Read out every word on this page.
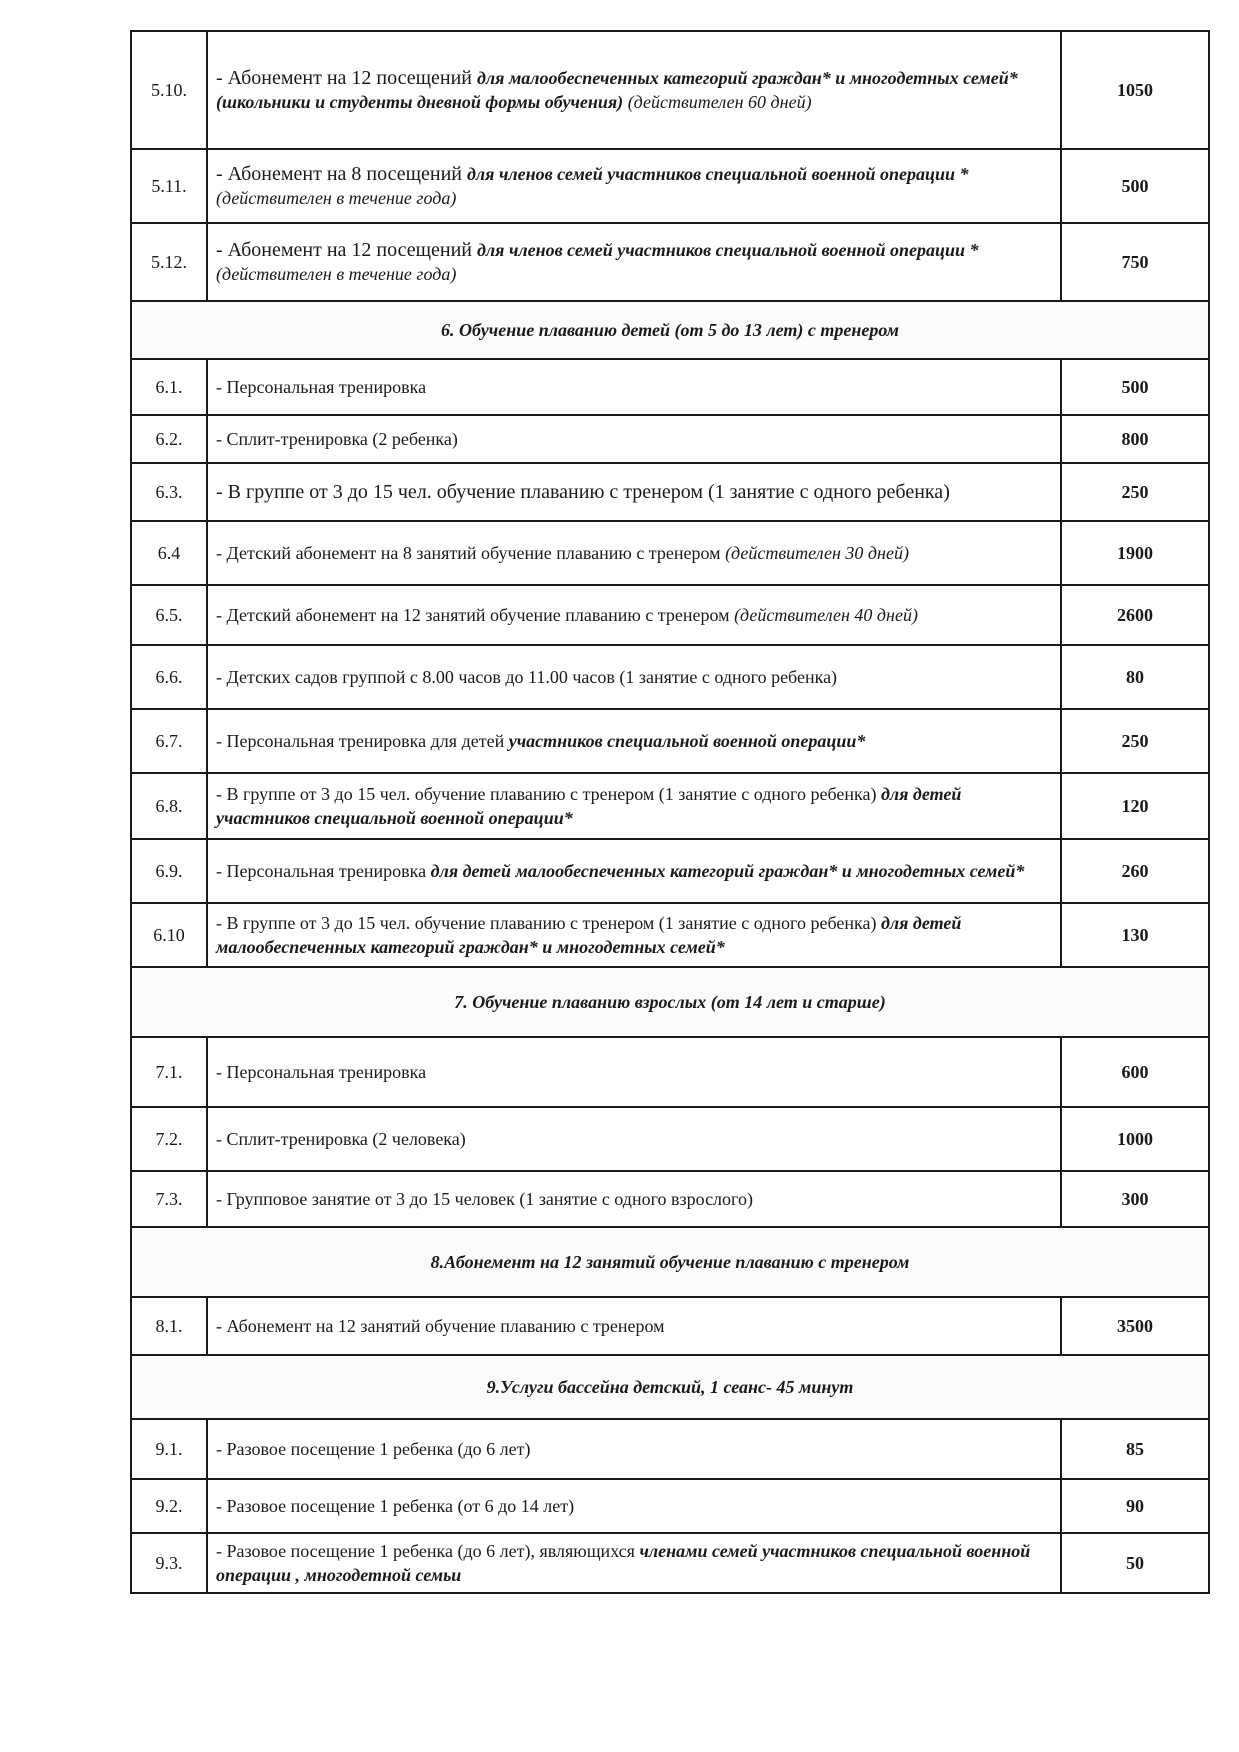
5.10.	- Абонемент на 12 посещений для малообеспеченных категорий граждан* и многодетных семей* (школьники и студенты дневной формы обучения) (действителен 60 дней)	1050
5.11.	- Абонемент на 8 посещений для членов семей участников специальной военной операции * (действителен в течение года)	500
5.12.	- Абонемент на 12 посещений для членов семей участников специальной военной операции * (действителен в течение года)	750
6. Обучение плаванию детей (от 5 до 13 лет) с тренером		
6.1.	- Персональная тренировка	500
6.2.	- Сплит-тренировка (2 ребенка)	800
6.3.	- В группе от 3 до 15 чел. обучение плаванию с тренером (1 занятие с одного ребенка)	250
6.4	- Детский абонемент на 8 занятий обучение плаванию с тренером (действителен 30 дней)	1900
6.5.	- Детский абонемент на 12 занятий обучение плаванию с тренером (действителен 40 дней)	2600
6.6.	- Детских садов группой с 8.00 часов до 11.00 часов (1 занятие с одного ребенка)	80
6.7.	- Персональная тренировка для детей участников специальной военной операции*	250
6.8.	- В группе от 3 до 15 чел. обучение плаванию с тренером (1 занятие с одного ребенка) для детей участников специальной военной операции*	120
6.9.	- Персональная тренировка для детей малообеспеченных категорий граждан* и многодетных семей*	260
6.10	- В группе от 3 до 15 чел. обучение плаванию с тренером (1 занятие с одного ребенка) для детей малообеспеченных категорий граждан* и многодетных семей*	130
7. Обучение плаванию взрослых (от 14 лет и старше)		
7.1.	- Персональная тренировка	600
7.2.	- Сплит-тренировка (2 человека)	1000
7.3.	- Групповое занятие от 3 до 15 человек (1 занятие с одного взрослого)	300
8.Абонемент на 12 занятий обучение плаванию с тренером		
8.1.	- Абонемент на 12 занятий обучение плаванию с тренером	3500
9.Услуги бассейна детский, 1 сеанс- 45 минут		
9.1.	- Разовое посещение 1 ребенка (до 6 лет)	85
9.2.	- Разовое посещение 1 ребенка (от 6 до 14 лет)	90
9.3.	- Разовое посещение 1 ребенка (до 6 лет), являющихся членами семей участников специальной военной операции , многодетной семьи	50
